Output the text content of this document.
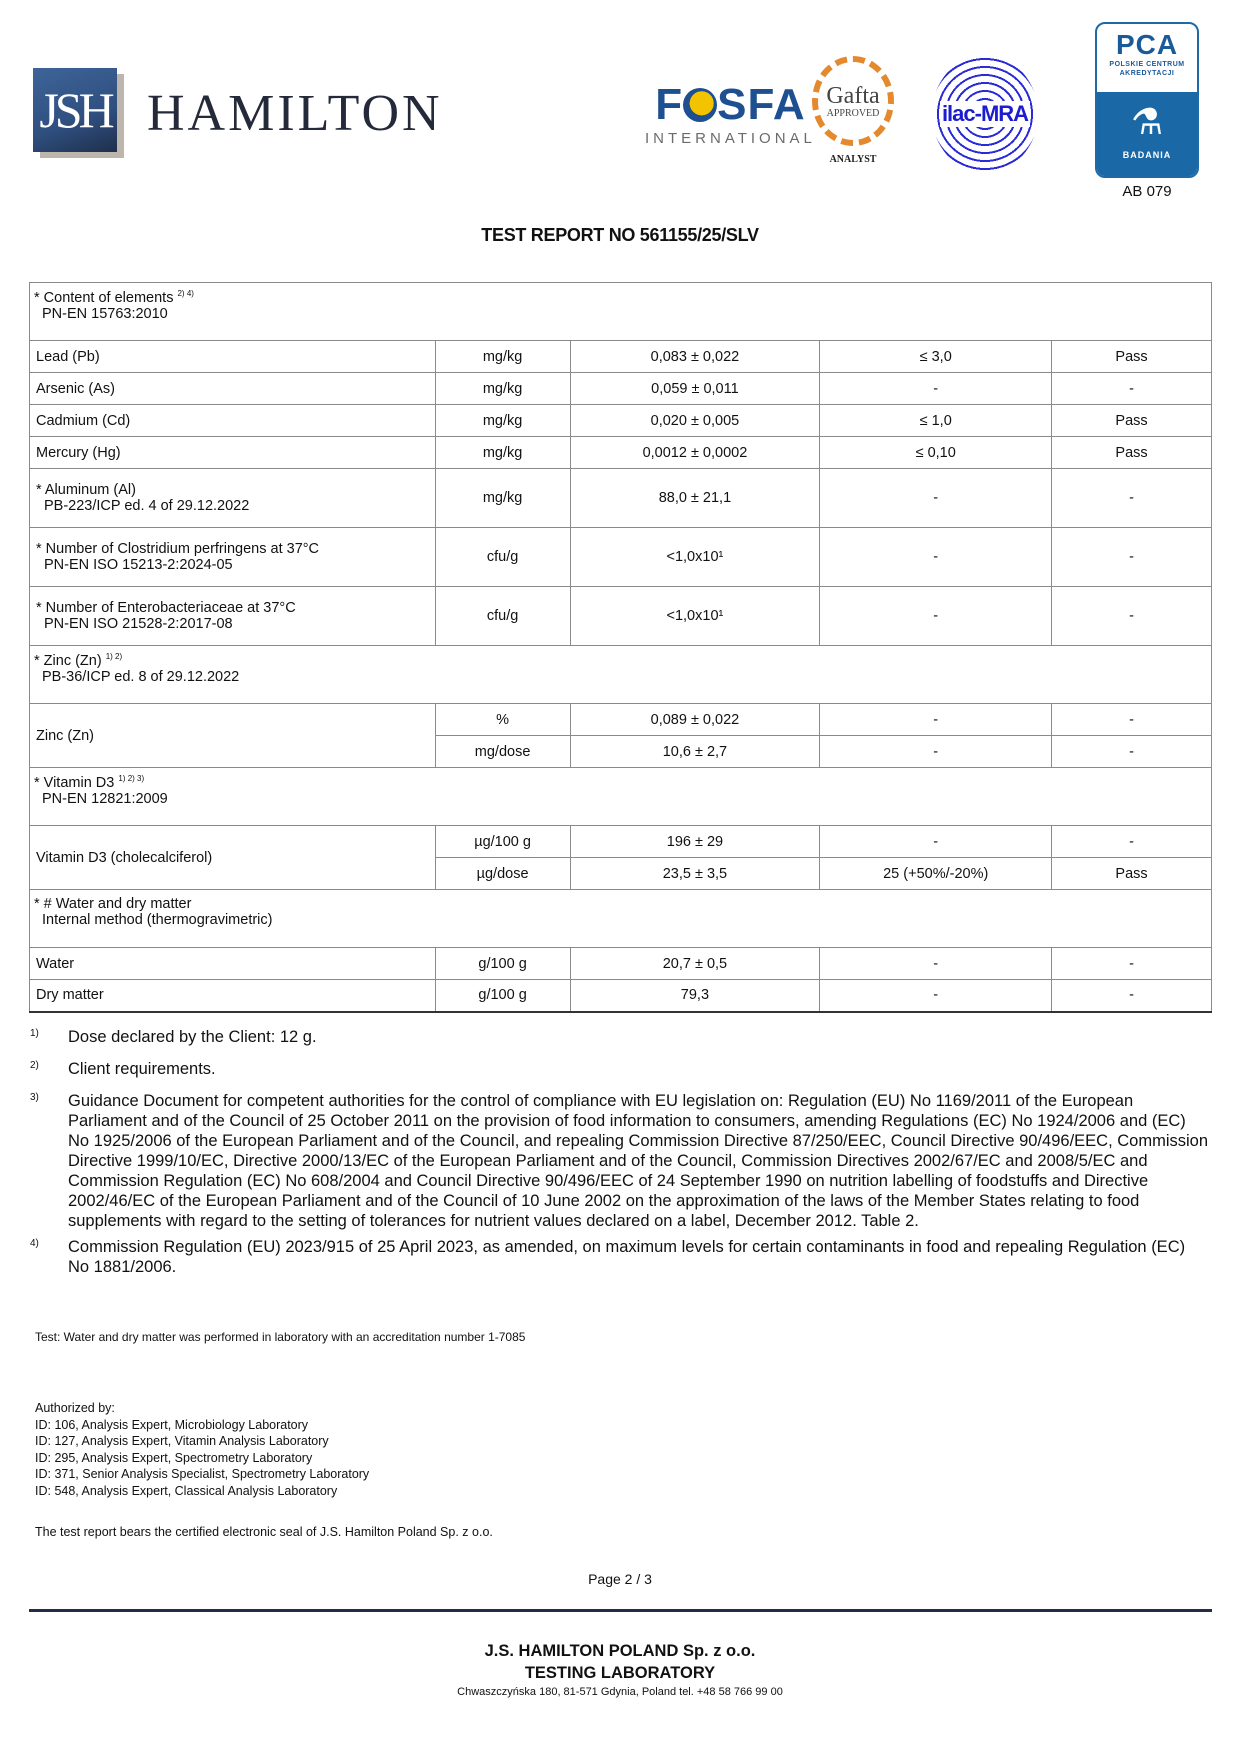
JSH HAMILTON	F SFA
INTERNATIONAL
Gafta
APPROVED
ANALYST
ilac-MRA
PCA
POLSKIE CENTRUM
AKREDYTACJI
⚗
BADANIA
AB 079
TEST REPORT NO 561155/25/SLV
* Content of elements $^{2) 4)}$
PN-EN 15763:2010				

Lead (Pb)	mg/kg	0,083 ± 0,022	≤ 3,0	Pass
Arsenic (As)	mg/kg	0,059 ± 0,011	-	-
Cadmium (Cd)	mg/kg	0,020 ± 0,005	≤ 1,0	Pass
Mercury (Hg)	mg/kg	0,0012 ± 0,0002	≤ 0,10	Pass
* Aluminum (Al)
PB-223/ICP ed. 4 of 29.12.2022	mg/kg	88,0 ± 21,1	-	-
* Number of Clostridium perfringens at 37°C
PN-EN ISO 15213-2:2024-05	cfu/g	<1,0x10¹	-	-
* Number of Enterobacteriaceae at 37°C
PN-EN ISO 21528-2:2017-08	cfu/g	<1,0x10¹	-	-
* Zinc (Zn) $^{1) 2)}$
PB-36/ICP ed. 8 of 29.12.2022				

Zinc (Zn)	%	0,089 ± 0,022	-	-
	mg/dose	10,6 ± 2,7	-	-
* Vitamin D3 $^{1) 2) 3)}$
PN-EN 12821:2009				

Vitamin D3 (cholecalciferol)	µg/100 g	196 ± 29	-	-
	µg/dose	23,5 ± 3,5	25 (+50%/-20%)	Pass
* # Water and dry matter
Internal method (thermogravimetric)				

Water	g/100 g	20,7 ± 0,5	-	-
Dry matter	g/100 g	79,3	-	-
1)	Dose declared by the Client: 12 g.
2)	Client requirements.
3)	Guidance Document for competent authorities for the control of compliance with EU legislation on: Regulation (EU) No 1169/2011 of the European Parliament and of the Council of 25 October 2011 on the provision of food information to consumers, amending Regulations (EC) No 1924/2006 and (EC) No 1925/2006 of the European Parliament and of the Council, and repealing Commission Directive 87/250/EEC, Council Directive 90/496/EEC, Commission Directive 1999/10/EC, Directive 2000/13/EC of the European Parliament and of the Council, Commission Directives 2002/67/EC and 2008/5/EC and Commission Regulation (EC) No 608/2004 and Council Directive 90/496/EEC of 24 September 1990 on nutrition labelling of foodstuffs and Directive 2002/46/EC of the European Parliament and of the Council of 10 June 2002 on the approximation of the laws of the Member States relating to food supplements with regard to the setting of tolerances for nutrient values declared on a label, December 2012. Table 2.
4)	Commission Regulation (EU) 2023/915 of 25 April 2023, as amended, on maximum levels for certain contaminants in food and repealing Regulation (EC) No 1881/2006.
Test: Water and dry matter was performed in laboratory with an accreditation number 1-7085
Authorized by:
ID: 106, Analysis Expert, Microbiology Laboratory
ID: 127, Analysis Expert, Vitamin Analysis Laboratory
ID: 295, Analysis Expert, Spectrometry Laboratory
ID: 371, Senior Analysis Specialist, Spectrometry Laboratory
ID: 548, Analysis Expert, Classical Analysis Laboratory
The test report bears the certified electronic seal of J.S. Hamilton Poland Sp. z o.o.
Page 2 / 3
J.S. HAMILTON POLAND Sp. z o.o.
TESTING LABORATORY
Chwaszczyńska 180, 81-571 Gdynia, Poland tel. +48 58 766 99 00
